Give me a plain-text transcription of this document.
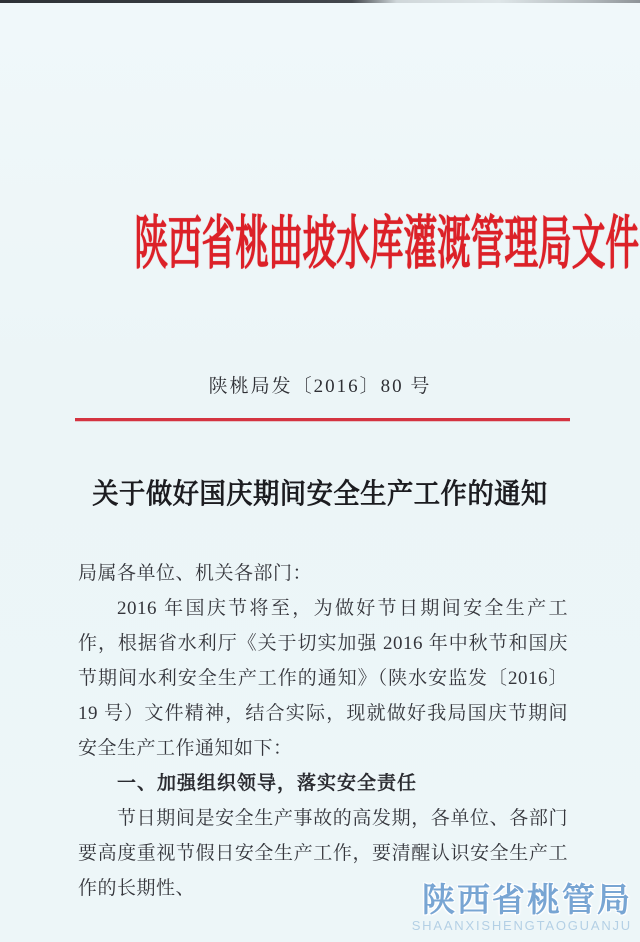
陕西省桃曲坡水库灌溉管理局文件
陕桃局发〔2016〕80 号
关于做好国庆期间安全生产工作的通知

局属各单位、机关各部门：

2016 年国庆节将至，为做好节日期间安全生产工作，根据省水利厅《关于切实加强 2016 年中秋节和国庆节期间水利安全生产工作的通知》（陕水安监发〔2016〕19 号）文件精神，结合实际，现就做好我局国庆节期间安全生产工作通知如下：

一、加强组织领导，落实安全责任

节日期间是安全生产事故的高发期，各单位、各部门要高度重视节假日安全生产工作，要清醒认识安全生产工作的长期性、	陕西省桃管局
SHAANXISHENGTAOGUANJU
